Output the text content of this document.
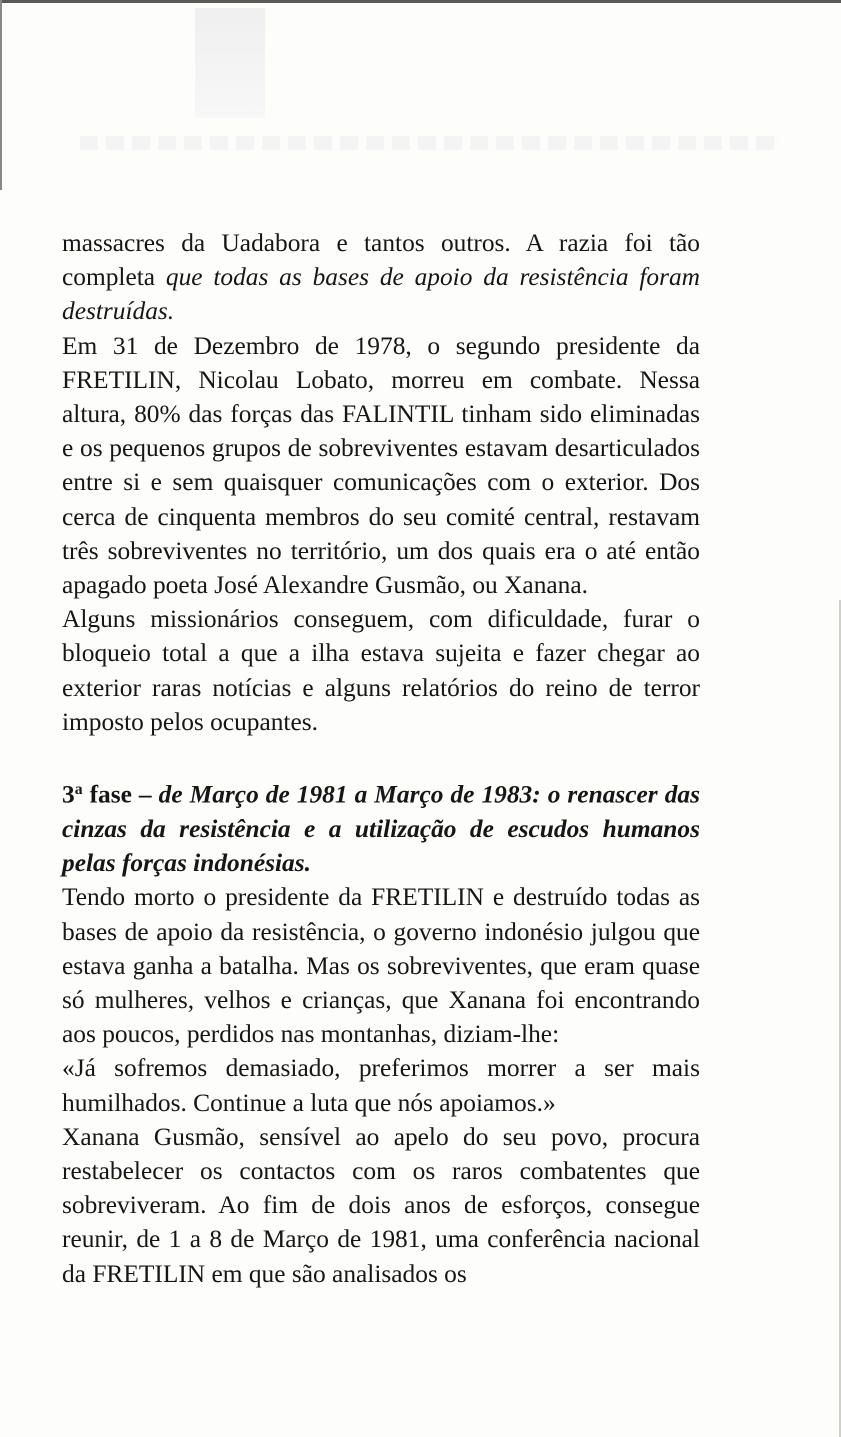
massacres da Uadabora e tantos outros. A razia foi tão completa que todas as bases de apoio da resistência foram destruídas.

Em 31 de Dezembro de 1978, o segundo presidente da FRETILIN, Nicolau Lobato, morreu em combate. Nessa altura, 80% das forças das FALINTIL tinham sido eliminadas e os pequenos grupos de sobreviventes estavam desarticulados entre si e sem quaisquer comunicações com o exterior. Dos cerca de cinquenta membros do seu comité central, restavam três sobreviventes no território, um dos quais era o até então apagado poeta José Alexandre Gusmão, ou Xanana.

Alguns missionários conseguem, com dificuldade, furar o bloqueio total a que a ilha estava sujeita e fazer chegar ao exterior raras notícias e alguns relatórios do reino de terror imposto pelos ocupantes.

3$^a$ fase – de Março de 1981 a Março de 1983: o renascer das cinzas da resistência e a utilização de escudos humanos pelas forças indonésias.

Tendo morto o presidente da FRETILIN e destruído todas as bases de apoio da resistência, o governo indonésio julgou que estava ganha a batalha. Mas os sobreviventes, que eram quase só mulheres, velhos e crianças, que Xanana foi encontrando aos poucos, perdidos nas montanhas, diziam-lhe:

«Já sofremos demasiado, preferimos morrer a ser mais humilhados. Continue a luta que nós apoiamos.»

Xanana Gusmão, sensível ao apelo do seu povo, procura restabelecer os contactos com os raros combatentes que sobreviveram. Ao fim de dois anos de esforços, consegue reunir, de 1 a 8 de Março de 1981, uma conferência nacional da FRETILIN em que são analisados os
